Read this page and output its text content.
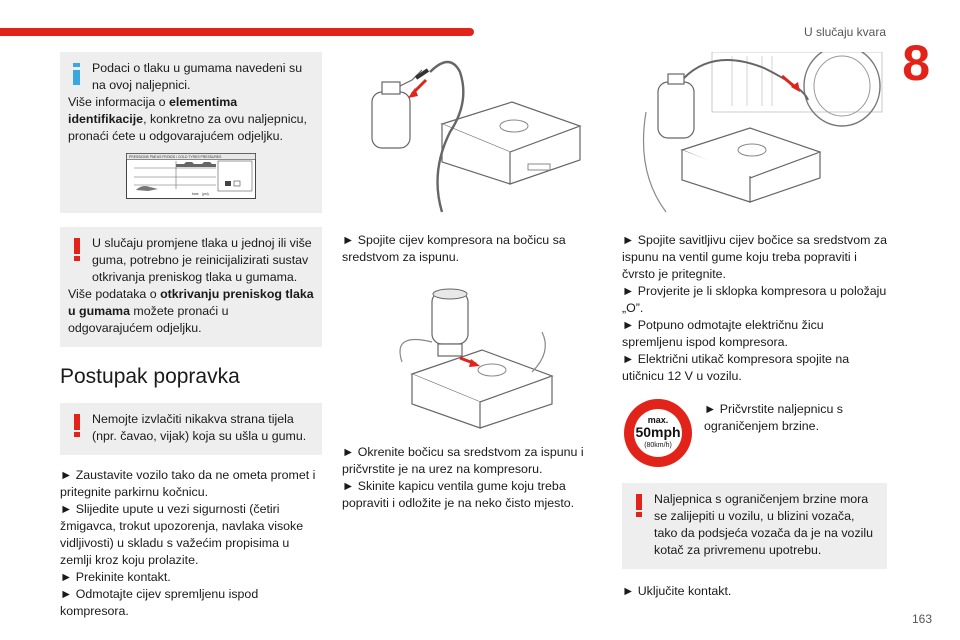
U slučaju kvara
8
163
Podaci o tlaku u gumama navedeni su na ovoj naljepnici.
Više informacija o elementima identifikacije, konkretno za ovu naljepnicu, pronaći ćete u odgovarajućem odjeljku.
PRESSIONS PNEUS FROIDS / COLD TYRES PRESSURES
bars (psi)
U slučaju promjene tlaka u jednoj ili više guma, potrebno je reinicijalizirati sustav otkrivanja preniskog tlaka u gumama.
Više podataka o otkrivanju preniskog tlaka u gumama možete pronaći u odgovarajućem odjeljku.
Postupak popravka
Nemojte izvlačiti nikakva strana tijela (npr. čavao, vijak) koja su ušla u gumu.
► Zaustavite vozilo tako da ne ometa promet i pritegnite parkirnu kočnicu.
► Slijedite upute u vezi sigurnosti (četiri žmigavca, trokut upozorenja, navlaka visoke vidljivosti) u skladu s važećim propisima u zemlji kroz koju prolazite.
► Prekinite kontakt.
► Odmotajte cijev spremljenu ispod kompresora.
► Spojite cijev kompresora na bočicu sa sredstvom za ispunu.
► Okrenite bočicu sa sredstvom za ispunu i pričvrstite je na urez na kompresoru.
► Skinite kapicu ventila gume koju treba popraviti i odložite je na neko čisto mjesto.
► Spojite savitljivu cijev bočice sa sredstvom za ispunu na ventil gume koju treba popraviti i čvrsto je pritegnite.
► Provjerite je li sklopka kompresora u položaju „O”.
► Potpuno odmotajte električnu žicu spremljenu ispod kompresora.
► Električni utikač kompresora spojite na utičnicu 12 V u vozilu.
max.
50mph
(80km/h)
► Pričvrstite naljepnicu s ograničenjem brzine.
Naljepnica s ograničenjem brzine mora se zalijepiti u vozilu, u blizini vozača, tako da podsjeća vozača da je na vozilu kotač za privremenu upotrebu.
► Uključite kontakt.
